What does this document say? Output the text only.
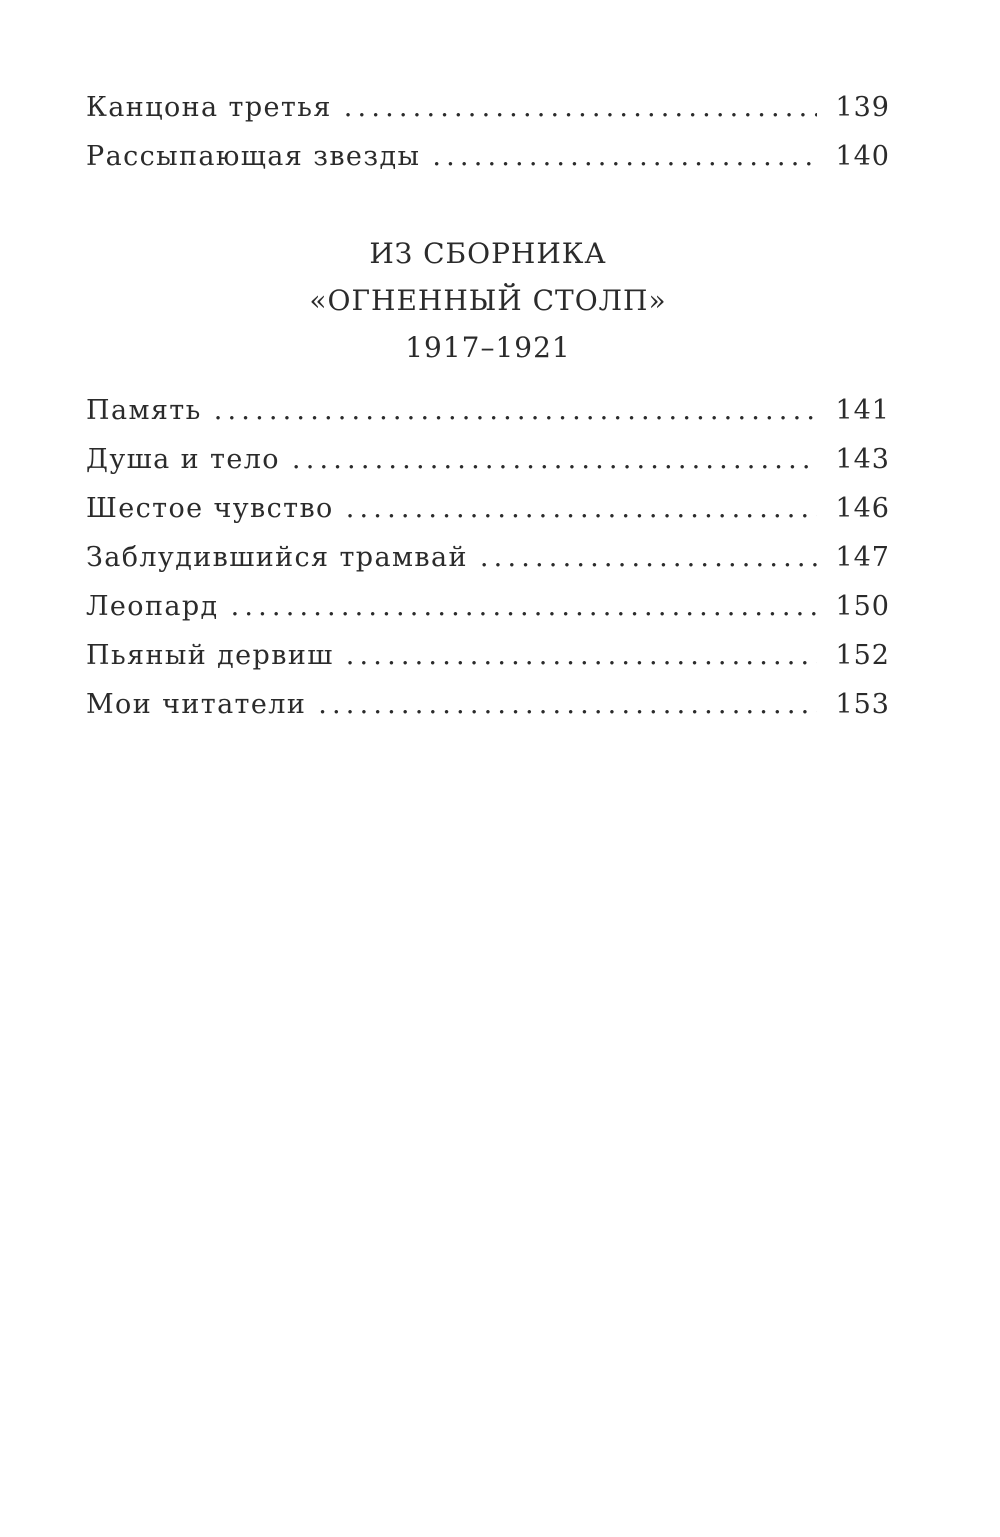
Канцона третья .....	139
Рассыпающая звезды .....	140
ИЗ СБОРНИКА
«ОГНЕННЫЙ СТОЛП»
1917–1921
Память .....	141
Душа и тело .....	143
Шестое чувство .....	146
Заблудившийся трамвай .....	147
Леопард .....	150
Пьяный дервиш .....	152
Мои читатели .....	153
